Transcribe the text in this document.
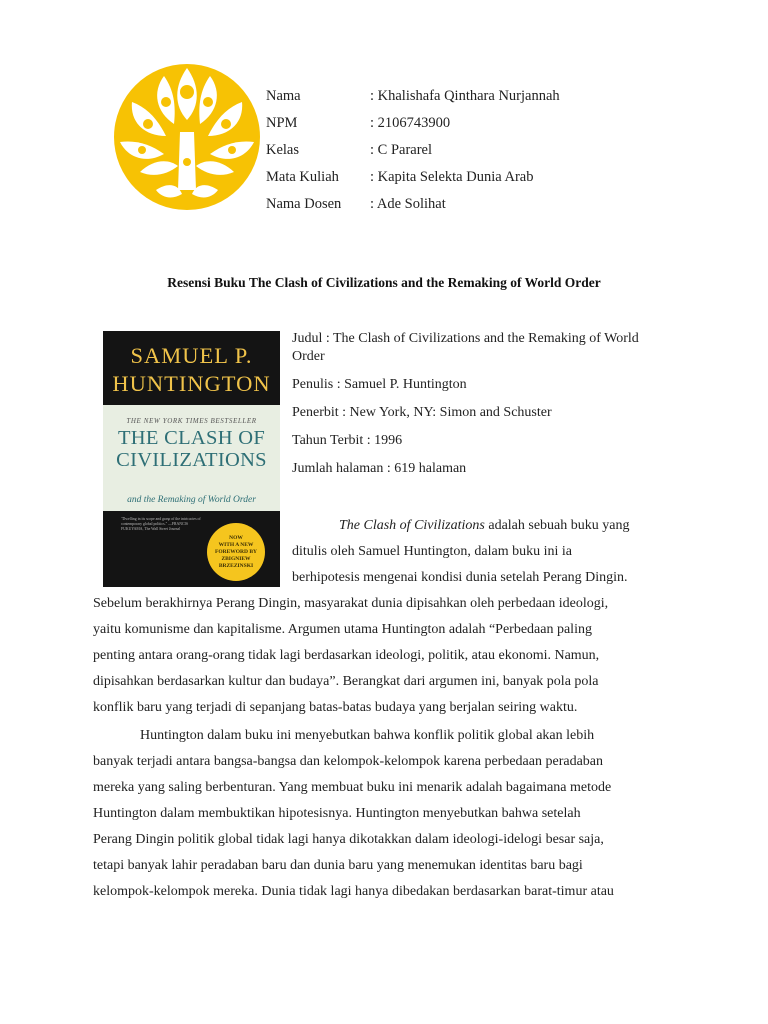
Nama	: Khalishafa Qinthara Nurjannah
NPM	: 2106743900
Kelas	: C Pararel
Mata Kuliah : Kapita Selekta Dunia Arab
Nama Dosen : Ade Solihat
Resensi Buku The Clash of Civilizations and the Remaking of World Order
SAMUEL P.
HUNTINGTON
THE NEW YORK TIMES BESTSELLER
THE CLASH OF
CIVILIZATIONS
and the Remaking of World Order
"Dwelling in its scope and grasp of the intricacies of contemporary global politics." —FRANCIS FUKUYAMA, The Wall Street Journal
NOW
WITH A NEW
FOREWORD BY
ZBIGNIEW
BRZEZINSKI

Judul : The Clash of Civilizations and the Remaking of World Order

Penulis : Samuel P. Huntington

Penerbit : New York, NY: Simon and Schuster

Tahun Terbit : 1996

Jumlah halaman : 619 halaman

The Clash of Civilizations adalah sebuah buku yang
ditulis oleh Samuel Huntington, dalam buku ini ia
berhipotesis mengenai kondisi dunia setelah Perang Dingin.
Sebelum berakhirnya Perang Dingin, masyarakat dunia dipisahkan oleh perbedaan ideologi,
yaitu komunisme dan kapitalisme. Argumen utama Huntington adalah “Perbedaan paling
penting antara orang-orang tidak lagi berdasarkan ideologi, politik, atau ekonomi. Namun,
dipisahkan berdasarkan kultur dan budaya”. Berangkat dari argumen ini, banyak pola pola
konflik baru yang terjadi di sepanjang batas-batas budaya yang berjalan seiring waktu.
Huntington dalam buku ini menyebutkan bahwa konflik politik global akan lebih
banyak terjadi antara bangsa-bangsa dan kelompok-kelompok karena perbedaan peradaban
mereka yang saling berbenturan. Yang membuat buku ini menarik adalah bagaimana metode
Huntington dalam membuktikan hipotesisnya. Huntington menyebutkan bahwa setelah
Perang Dingin politik global tidak lagi hanya dikotakkan dalam ideologi-idelogi besar saja,
tetapi banyak lahir peradaban baru dan dunia baru yang menemukan identitas baru bagi
kelompok-kelompok mereka. Dunia tidak lagi hanya dibedakan berdasarkan barat-timur atau
